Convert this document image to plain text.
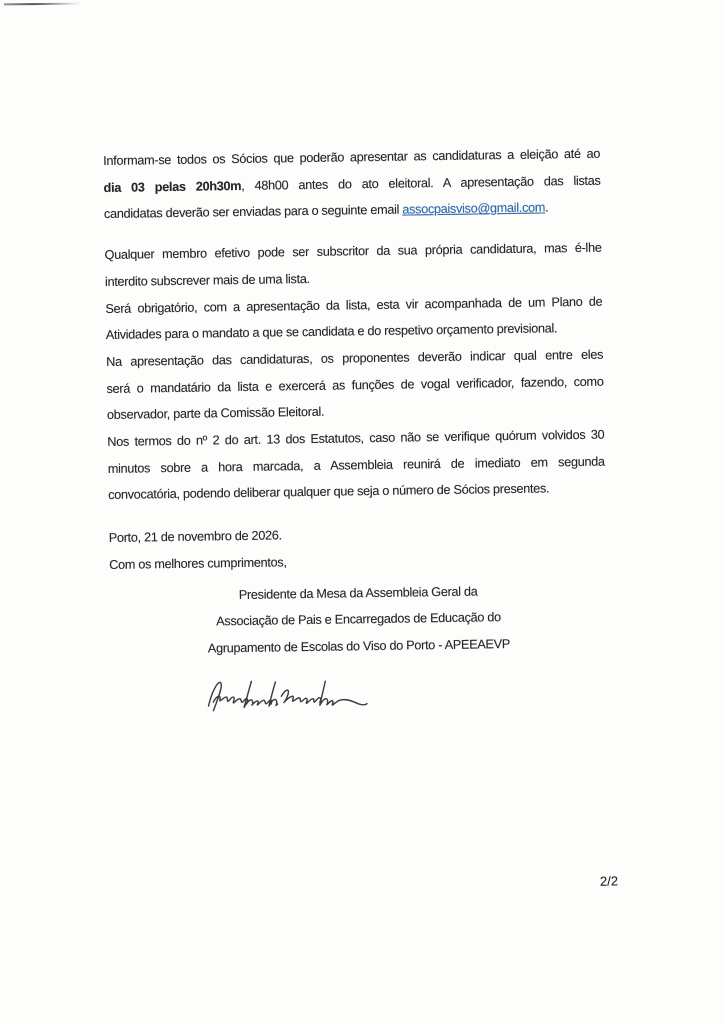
Informam-se todos os Sócios que poderão apresentar as candidaturas a eleição até ao
dia 03 pelas 20h30m, 48h00 antes do ato eleitoral. A apresentação das listas
candidatas deverão ser enviadas para o seguinte email assocpaisviso@gmail.com.
Qualquer membro efetivo pode ser subscritor da sua própria candidatura, mas é-lhe
interdito subscrever mais de uma lista.
Será obrigatório, com a apresentação da lista, esta vir acompanhada de um Plano de
Atividades para o mandato a que se candidata e do respetivo orçamento previsional.
Na apresentação das candidaturas, os proponentes deverão indicar qual entre eles
será o mandatário da lista e exercerá as funções de vogal verificador, fazendo, como
observador, parte da Comissão Eleitoral.
Nos termos do nº 2 do art. 13 dos Estatutos, caso não se verifique quórum volvidos 30
minutos sobre a hora marcada, a Assembleia reunirá de imediato em segunda
convocatória, podendo deliberar qualquer que seja o número de Sócios presentes.
Porto, 21 de novembro de 2026.
Com os melhores cumprimentos,
Presidente da Mesa da Assembleia Geral da
Associação de Pais e Encarregados de Educação do
Agrupamento de Escolas do Viso do Porto - APEEAEVP
2/2
